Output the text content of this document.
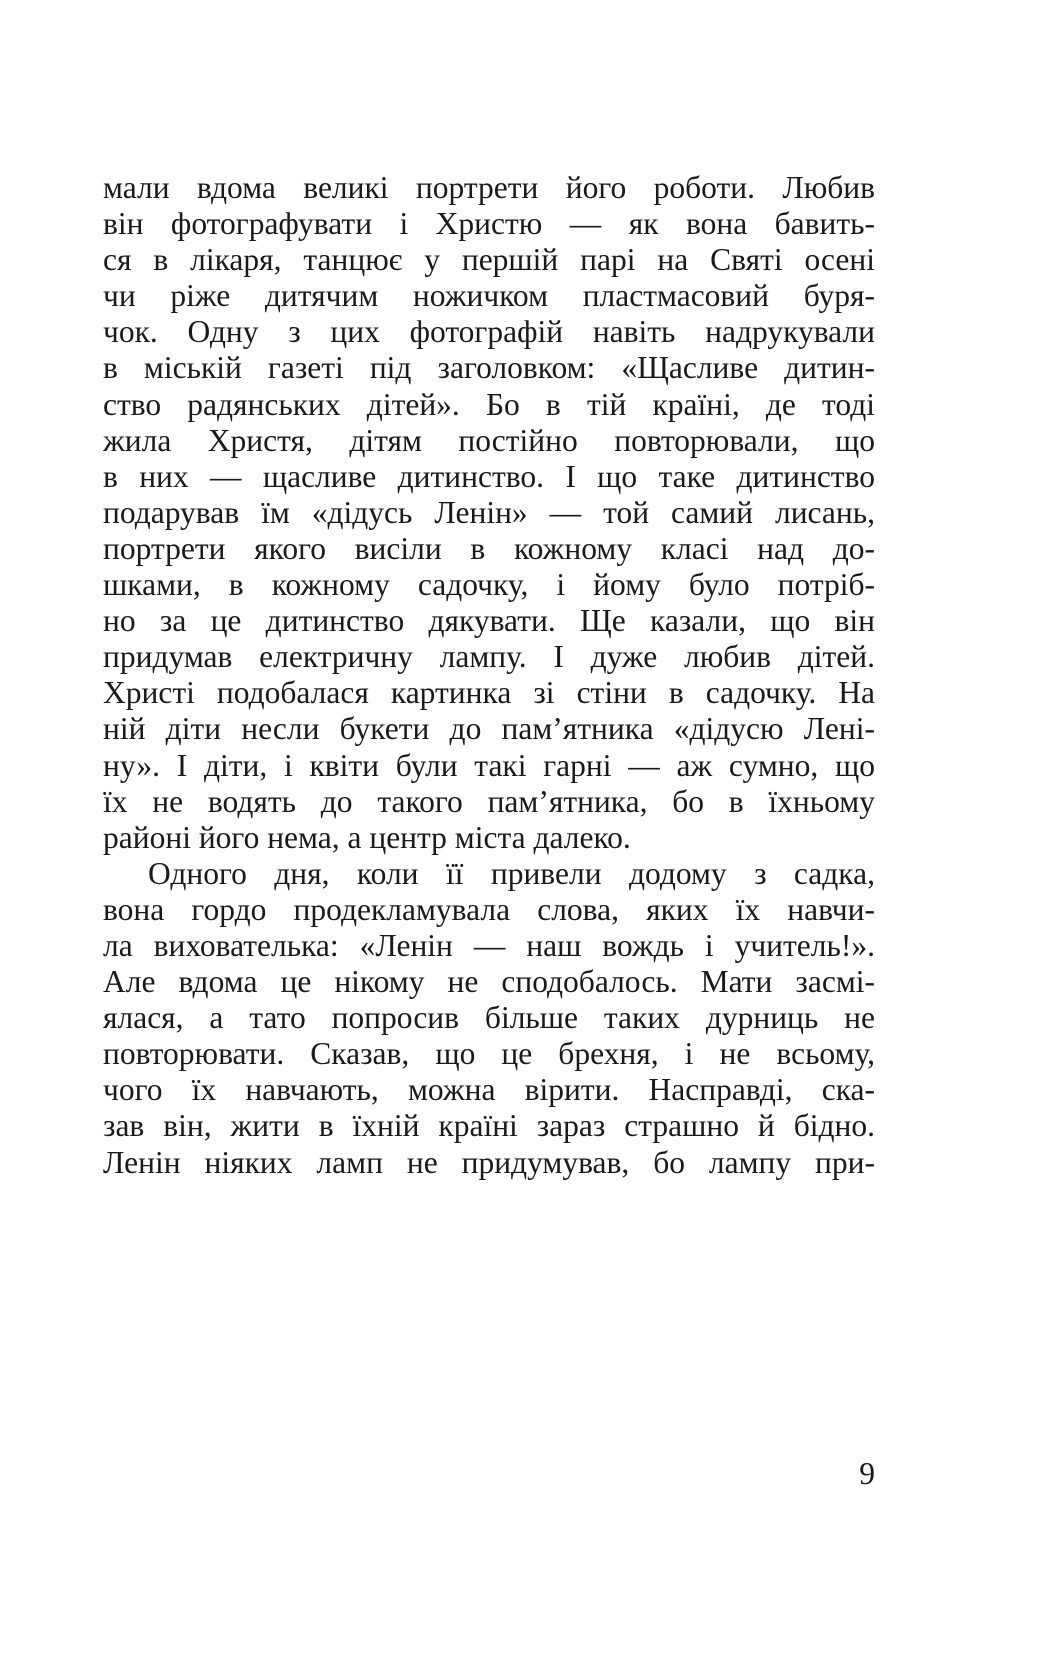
мали вдома великі портрети його роботи. Любив
він фотографувати і Христю — як вона бавить-
ся в лікаря, танцює у першій парі на Святі осені
чи ріже дитячим ножичком пластмасовий буря-
чок. Одну з цих фотографій навіть надрукували
в міській газеті під заголовком: «Щасливе дитин-
ство радянських дітей». Бо в тій країні, де тоді
жила Христя, дітям постійно повторювали, що
в них — щасливе дитинство. І що таке дитинство
подарував їм «дідусь Ленін» — той самий лисань,
портрети якого висіли в кожному класі над до-
шками, в кожному садочку, і йому було потріб-
но за це дитинство дякувати. Ще казали, що він
придумав електричну лампу. І дуже любив дітей.
Христі подобалася картинка зі стіни в садочку. На
ній діти несли букети до пам’ятника «дідусю Лені-
ну». І діти, і квіти були такі гарні — аж сумно, що
їх не водять до такого пам’ятника, бо в їхньому
районі його нема, а центр міста далеко.
Одного дня, коли її привели додому з садка,
вона гордо продекламувала слова, яких їх навчи-
ла вихователька: «Ленін — наш вождь і учитель!».
Але вдома це нікому не сподобалось. Мати засмі-
ялася, а тато попросив більше таких дурниць не
повторювати. Сказав, що це брехня, і не всьому,
чого їх навчають, можна вірити. Насправді, ска-
зав він, жити в їхній країні зараз страшно й бідно.
Ленін ніяких ламп не придумував, бо лампу при-
9
